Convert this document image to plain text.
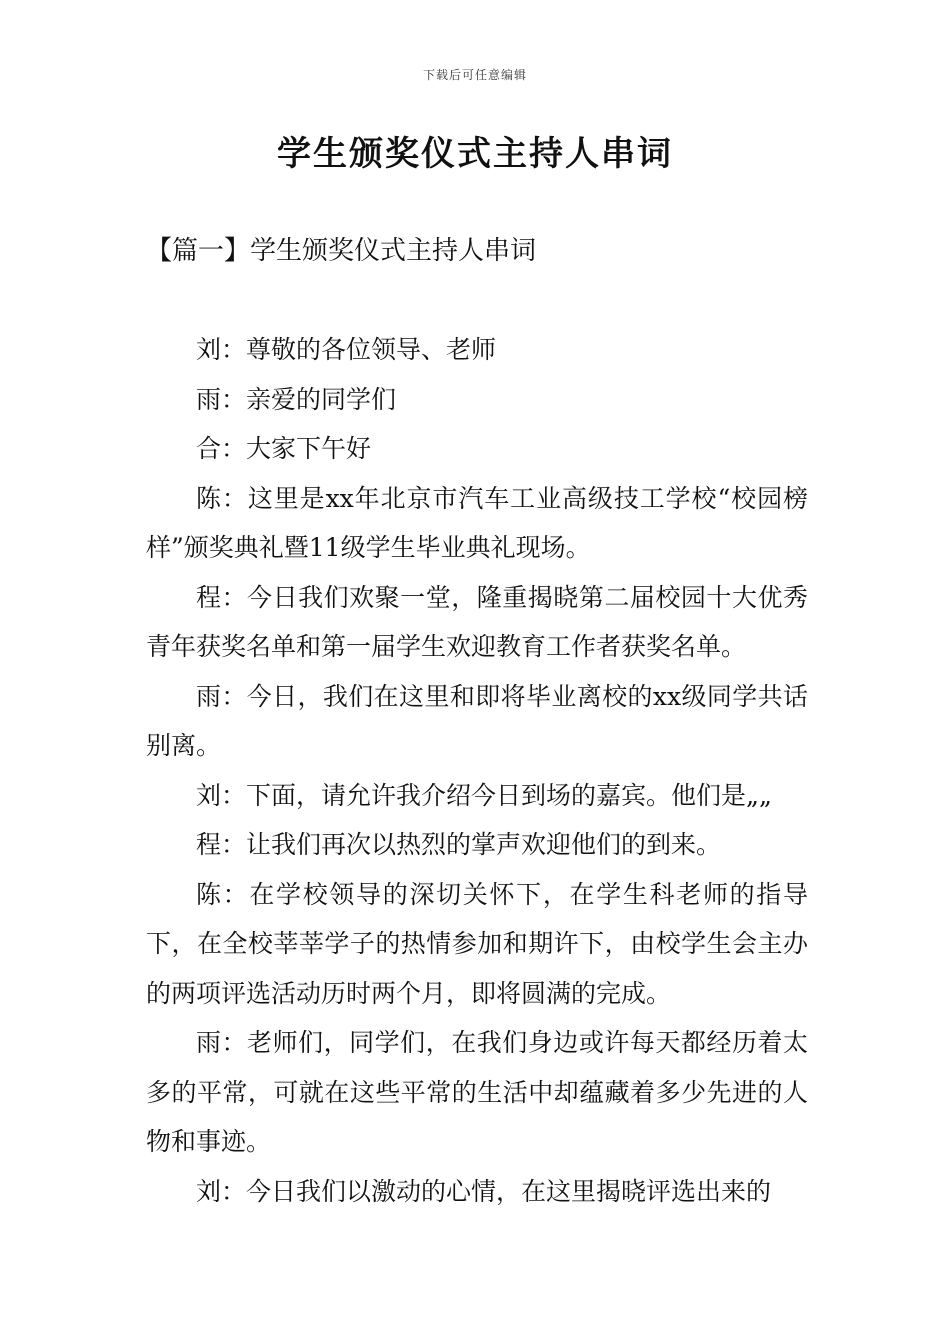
下载后可任意编辑
学生颁奖仪式主持人串词
【篇一】学生颁奖仪式主持人串词

刘：尊敬的各位领导、老师

雨：亲爱的同学们

合：大家下午好

陈：这里是xx年北京市汽车工业高级技工学校“校园榜样”颁奖典礼暨11级学生毕业典礼现场。

程：今日我们欢聚一堂，隆重揭晓第二届校园十大优秀青年获奖名单和第一届学生欢迎教育工作者获奖名单。

雨：今日，我们在这里和即将毕业离校的xx级同学共话别离。

刘：下面，请允许我介绍今日到场的嘉宾。他们是„„

程：让我们再次以热烈的掌声欢迎他们的到来。

陈：在学校领导的深切关怀下，在学生科老师的指导下，在全校莘莘学子的热情参加和期许下，由校学生会主办的两项评选活动历时两个月，即将圆满的完成。

雨：老师们，同学们，在我们身边或许每天都经历着太多的平常，可就在这些平常的生活中却蕴藏着多少先进的人物和事迹。

刘：今日我们以激动的心情，在这里揭晓评选出来的
